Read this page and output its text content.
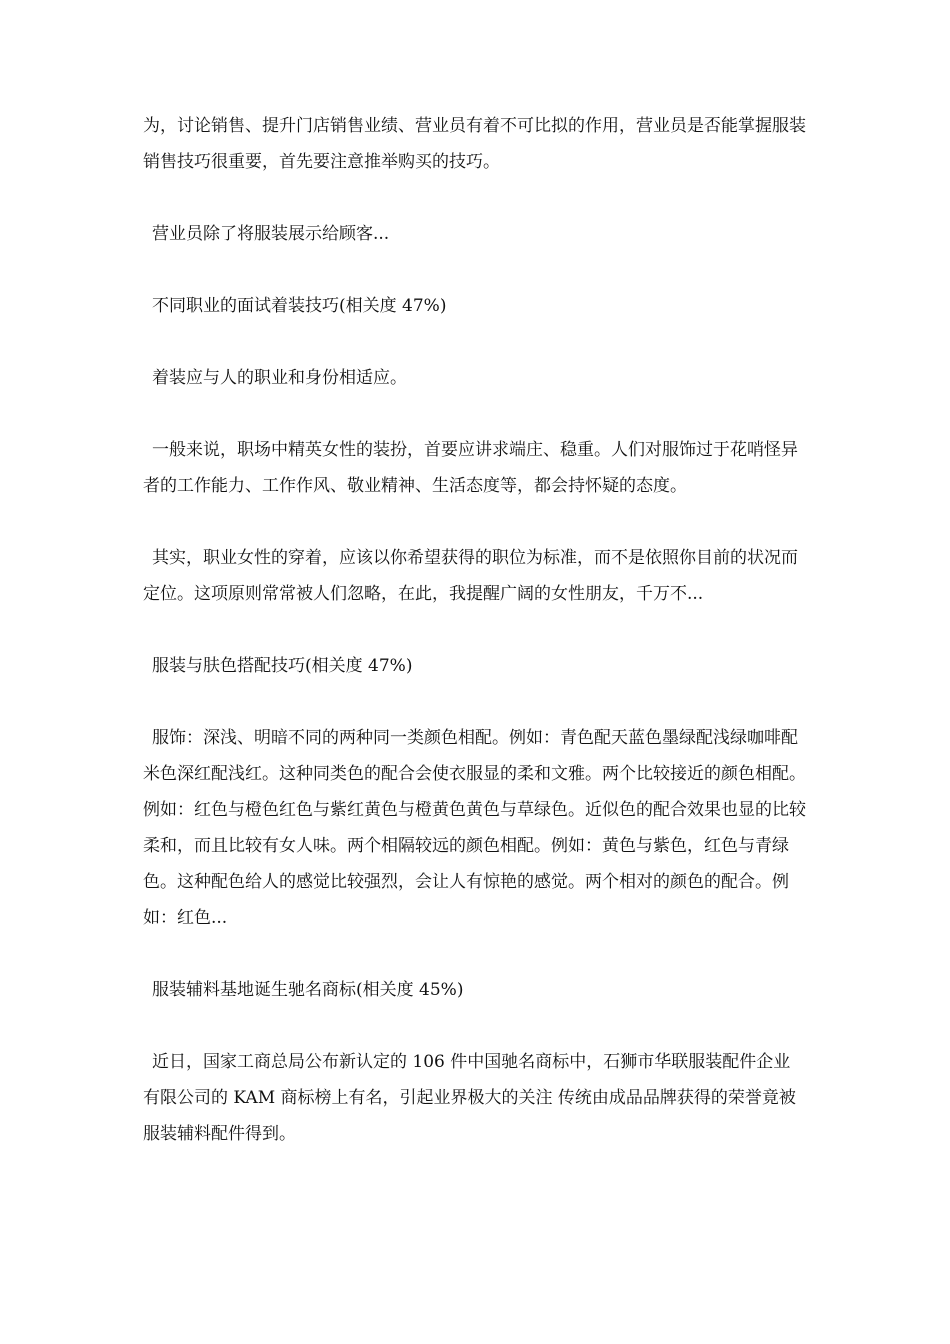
为，讨论销售、提升门店销售业绩、营业员有着不可比拟的作用，营业员是否能掌握服装销售技巧很重要，首先要注意推举购买的技巧。

营业员除了将服装展示给顾客...

不同职业的面试着装技巧(相关度 47%)

着装应与人的职业和身份相适应。

一般来说，职场中精英女性的装扮，首要应讲求端庄、稳重。人们对服饰过于花哨怪异者的工作能力、工作作风、敬业精神、生活态度等，都会持怀疑的态度。

其实，职业女性的穿着，应该以你希望获得的职位为标准，而不是依照你目前的状况而定位。这项原则常常被人们忽略，在此，我提醒广阔的女性朋友，千万不...

服装与肤色搭配技巧(相关度 47%)

服饰：深浅、明暗不同的两种同一类颜色相配。例如：青色配天蓝色墨绿配浅绿咖啡配米色深红配浅红。这种同类色的配合会使衣服显的柔和文雅。两个比较接近的颜色相配。例如：红色与橙色红色与紫红黄色与橙黄色黄色与草绿色。近似色的配合效果也显的比较柔和，而且比较有女人味。两个相隔较远的颜色相配。例如：黄色与紫色，红色与青绿色。这种配色给人的感觉比较强烈，会让人有惊艳的感觉。两个相对的颜色的配合。例如：红色...

服装辅料基地诞生驰名商标(相关度 45%)

近日，国家工商总局公布新认定的 106 件中国驰名商标中，石狮市华联服装配件企业有限公司的 KAM 商标榜上有名，引起业界极大的关注 传统由成品品牌获得的荣誉竟被服装辅料配件得到。
